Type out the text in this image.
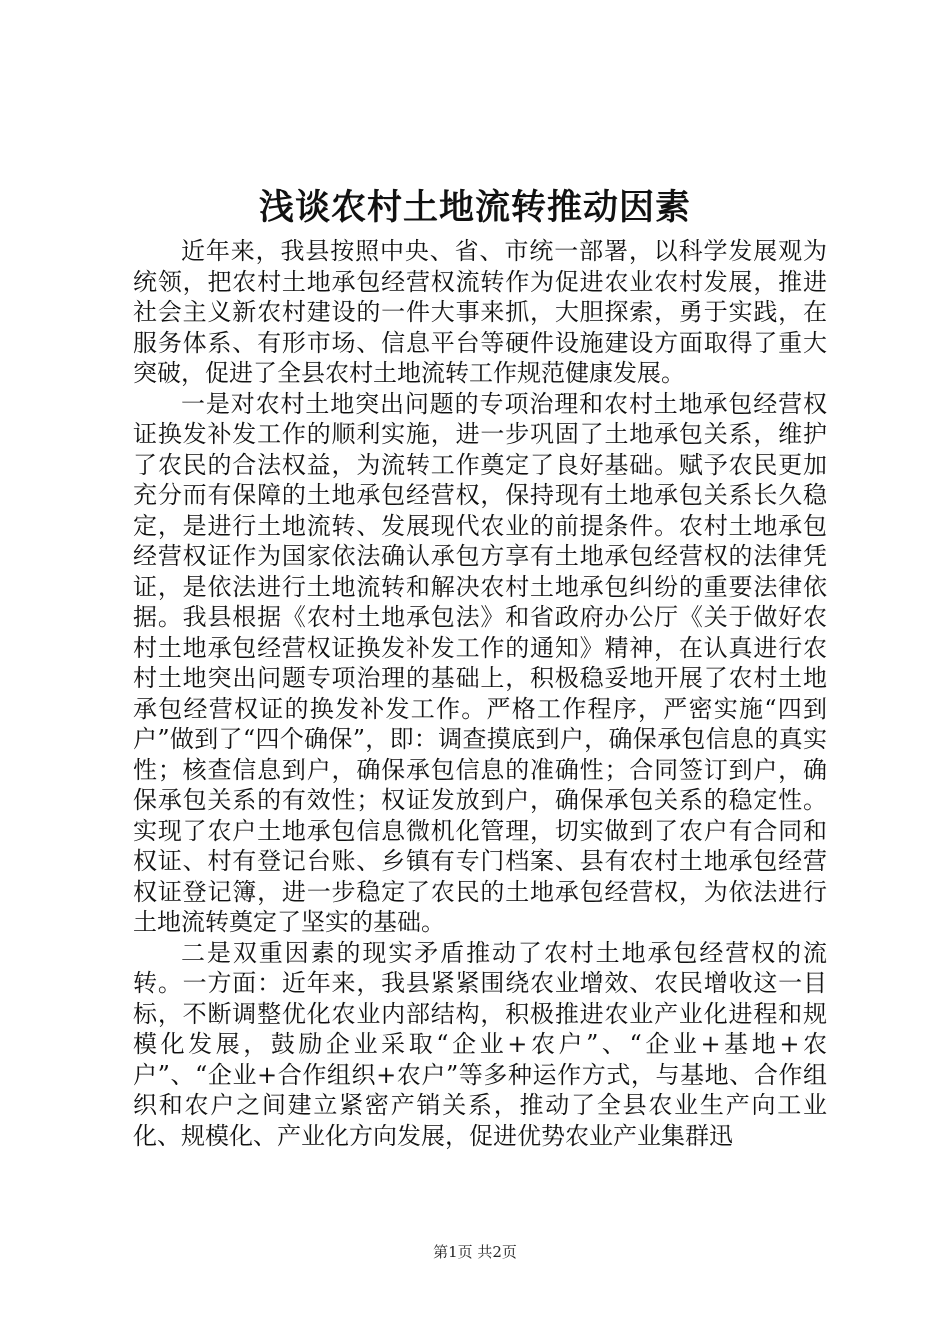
浅谈农村土地流转推动因素

近年来，我县按照中央、省、市统一部署，以科学发展观为统领，把农村土地承包经营权流转作为促进农业农村发展，推进社会主义新农村建设的一件大事来抓，大胆探索，勇于实践，在服务体系、有形市场、信息平台等硬件设施建设方面取得了重大突破，促进了全县农村土地流转工作规范健康发展。

一是对农村土地突出问题的专项治理和农村土地承包经营权证换发补发工作的顺利实施，进一步巩固了土地承包关系，维护了农民的合法权益，为流转工作奠定了良好基础。赋予农民更加充分而有保障的土地承包经营权，保持现有土地承包关系长久稳定，是进行土地流转、发展现代农业的前提条件。农村土地承包经营权证作为国家依法确认承包方享有土地承包经营权的法律凭证，是依法进行土地流转和解决农村土地承包纠纷的重要法律依据。我县根据《农村土地承包法》和省政府办公厅《关于做好农村土地承包经营权证换发补发工作的通知》精神，在认真进行农村土地突出问题专项治理的基础上，积极稳妥地开展了农村土地承包经营权证的换发补发工作。严格工作程序，严密实施“四到户”做到了“四个确保”，即：调查摸底到户，确保承包信息的真实性；核查信息到户，确保承包信息的准确性；合同签订到户，确保承包关系的有效性；权证发放到户，确保承包关系的稳定性。实现了农户土地承包信息微机化管理，切实做到了农户有合同和权证、村有登记台账、乡镇有专门档案、县有农村土地承包经营权证登记簿，进一步稳定了农民的土地承包经营权，为依法进行土地流转奠定了坚实的基础。

二是双重因素的现实矛盾推动了农村土地承包经营权的流转。一方面：近年来，我县紧紧围绕农业增效、农民增收这一目标，不断调整优化农业内部结构，积极推进农业产业化进程和规模化发展，鼓励企业采取“企业+农户”、“企业+基地+农户”、“企业+合作组织+农户”等多种运作方式，与基地、合作组织和农户之间建立紧密产销关系，推动了全县农业生产向工业化、规模化、产业化方向发展，促进优势农业产业集群迅

第1页 共2页
